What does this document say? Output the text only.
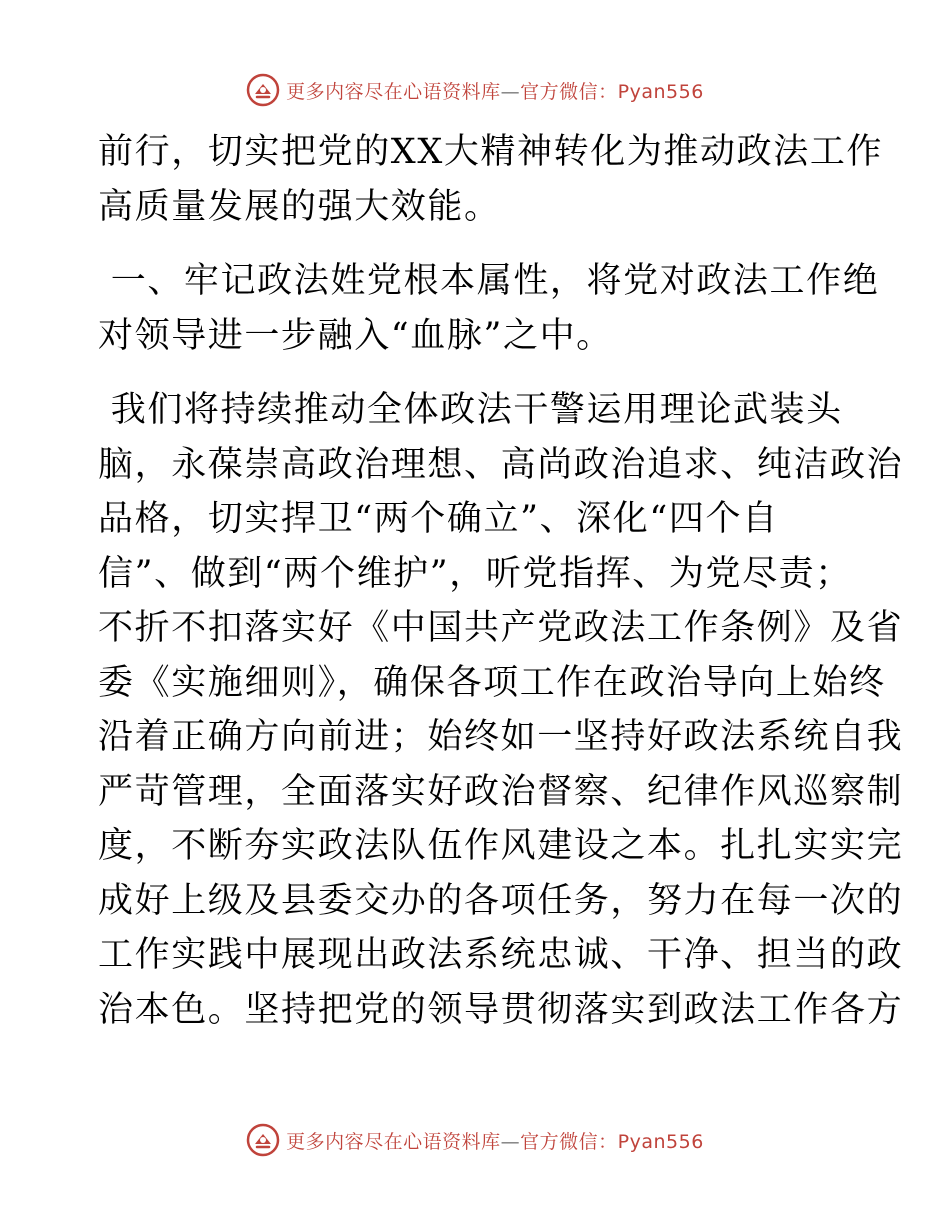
更多内容尽在心语资料库—官方微信：Pyan556
前行，切实把党的XX大精神转化为推动政法工作
高质量发展的强大效能。
一、牢记政法姓党根本属性，将党对政法工作绝
对领导进一步融入“血脉”之中。
我们将持续推动全体政法干警运用理论武装头
脑，永葆崇高政治理想、高尚政治追求、纯洁政治
品格，切实捍卫“两个确立”、深化“四个自
信”、做到“两个维护”，听党指挥、为党尽责；
不折不扣落实好《中国共产党政法工作条例》及省
委《实施细则》，确保各项工作在政治导向上始终
沿着正确方向前进；始终如一坚持好政法系统自我
严苛管理，全面落实好政治督察、纪律作风巡察制
度，不断夯实政法队伍作风建设之本。扎扎实实完
成好上级及县委交办的各项任务，努力在每一次的
工作实践中展现出政法系统忠诚、干净、担当的政
治本色。坚持把党的领导贯彻落实到政法工作各方
更多内容尽在心语资料库—官方微信：Pyan556
